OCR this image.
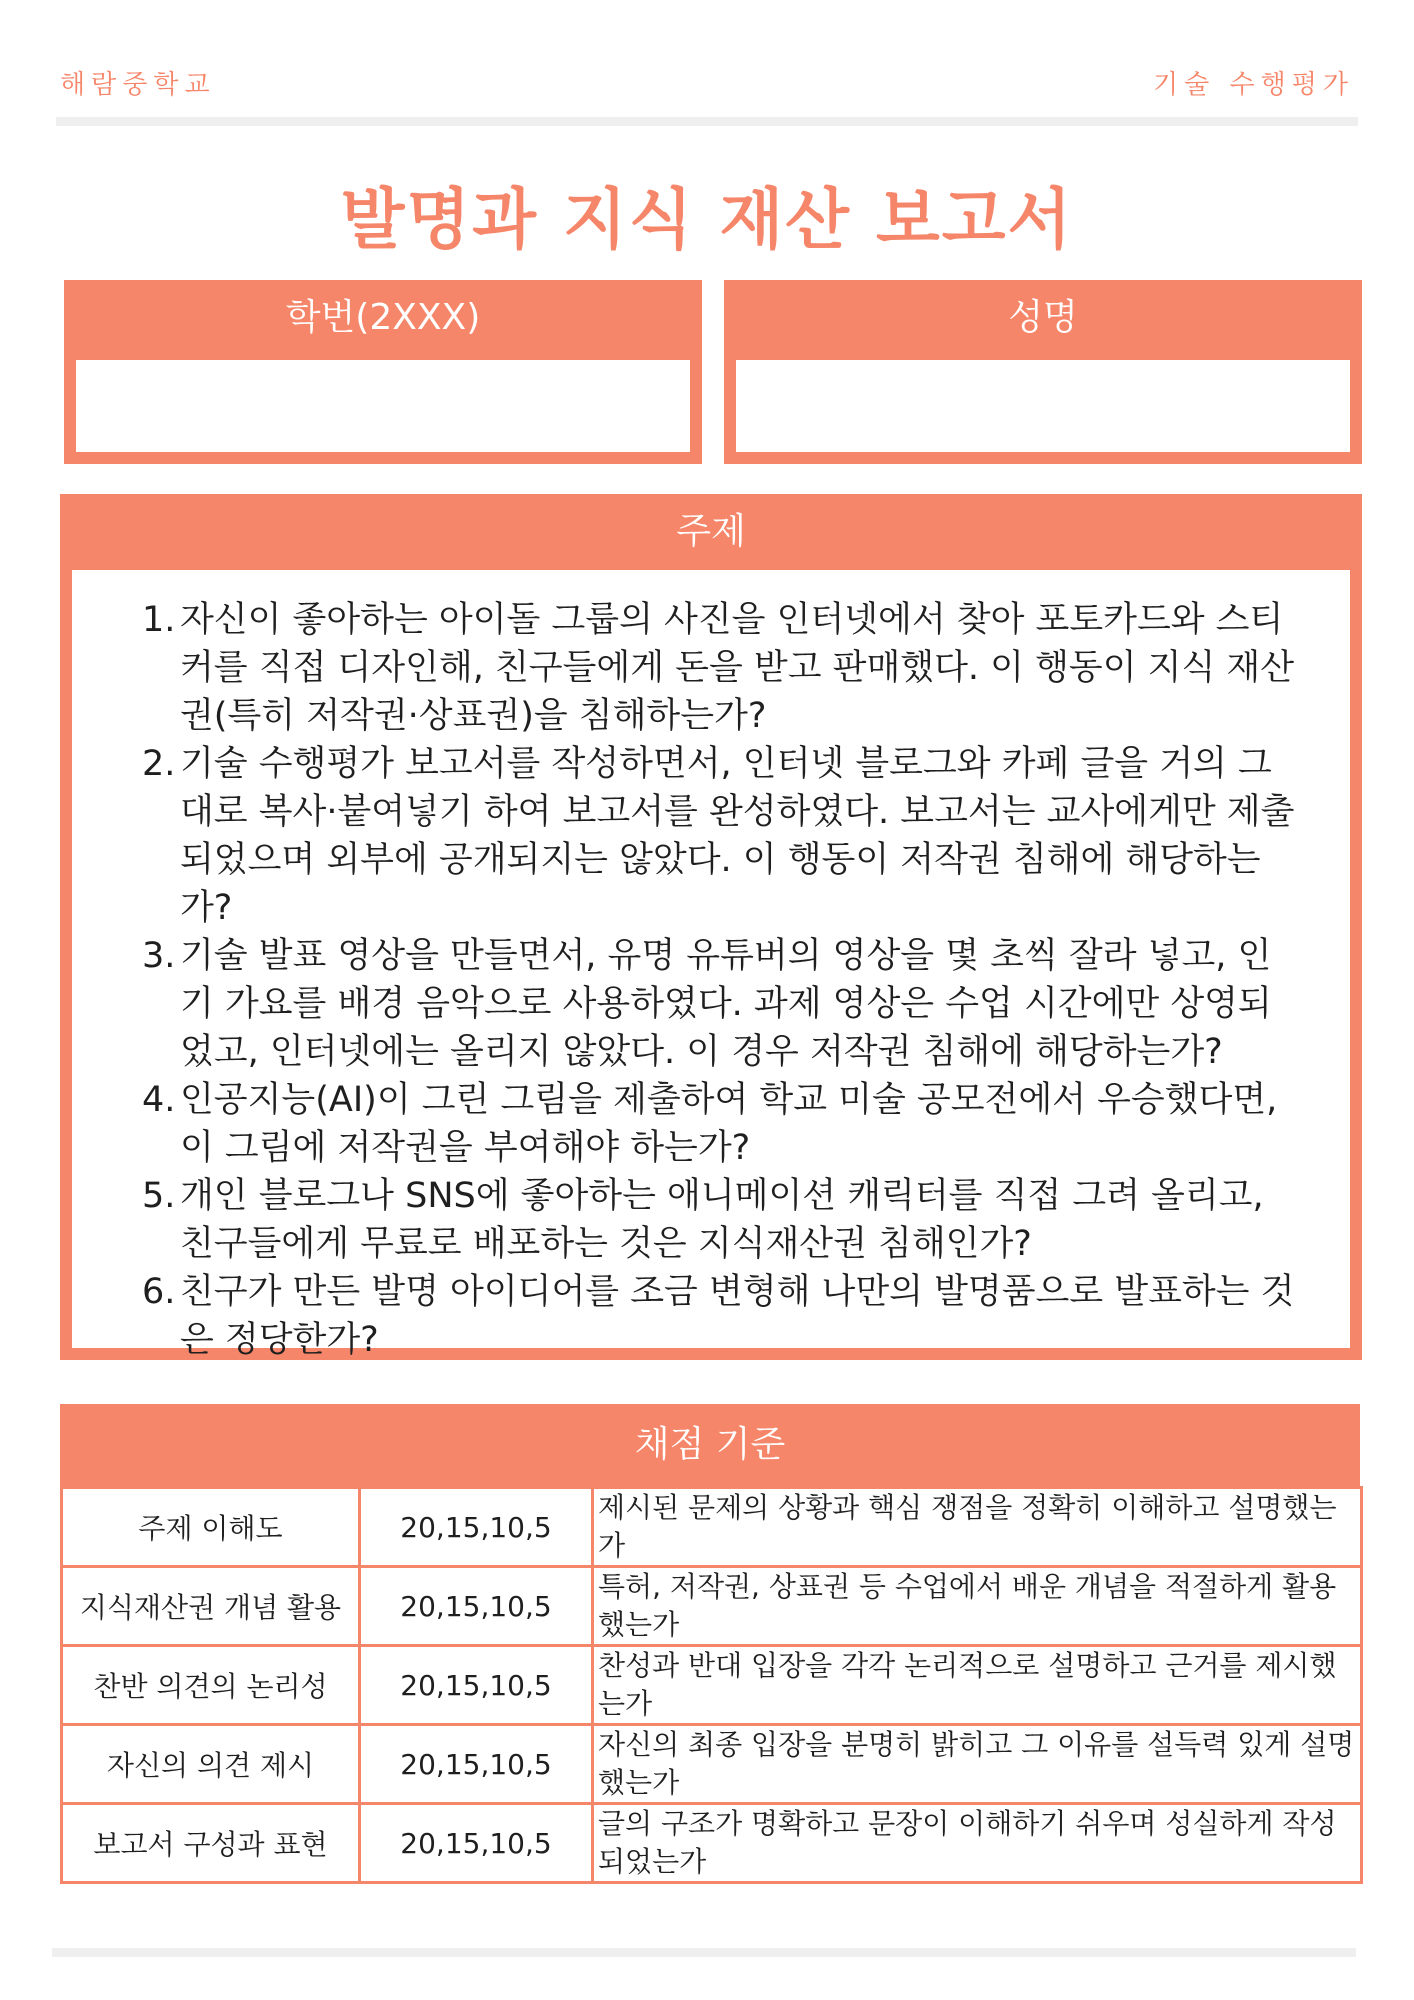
해람중학교	기술 수행평가
발명과 지식 재산 보고서
학번(2XXX)	성명
주제
1. 자신이 좋아하는 아이돌 그룹의 사진을 인터넷에서 찾아 포토카드와 스티커를 직접 디자인해, 친구들에게 돈을 받고 판매했다. 이 행동이 지식 재산권(특히 저작권·상표권)을 침해하는가?
2. 기술 수행평가 보고서를 작성하면서, 인터넷 블로그와 카페 글을 거의 그대로 복사·붙여넣기 하여 보고서를 완성하였다. 보고서는 교사에게만 제출되었으며 외부에 공개되지는 않았다. 이 행동이 저작권 침해에 해당하는가?
3. 기술 발표 영상을 만들면서, 유명 유튜버의 영상을 몇 초씩 잘라 넣고, 인기 가요를 배경 음악으로 사용하였다. 과제 영상은 수업 시간에만 상영되었고, 인터넷에는 올리지 않았다. 이 경우 저작권 침해에 해당하는가?
4. 인공지능(AI)이 그린 그림을 제출하여 학교 미술 공모전에서 우승했다면, 이 그림에 저작권을 부여해야 하는가?
5. 개인 블로그나 SNS에 좋아하는 애니메이션 캐릭터를 직접 그려 올리고, 친구들에게 무료로 배포하는 것은 지식재산권 침해인가?
6. 친구가 만든 발명 아이디어를 조금 변형해 나만의 발명품으로 발표하는 것은 정당한가?
채점 기준
주제 이해도	20,15,10,5	제시된 문제의 상황과 핵심 쟁점을 정확히 이해하고 설명했는가
지식재산권 개념 활용	20,15,10,5	특허, 저작권, 상표권 등 수업에서 배운 개념을 적절하게 활용했는가
찬반 의견의 논리성	20,15,10,5	찬성과 반대 입장을 각각 논리적으로 설명하고 근거를 제시했는가
자신의 의견 제시	20,15,10,5	자신의 최종 입장을 분명히 밝히고 그 이유를 설득력 있게 설명했는가
보고서 구성과 표현	20,15,10,5	글의 구조가 명확하고 문장이 이해하기 쉬우며 성실하게 작성되었는가
